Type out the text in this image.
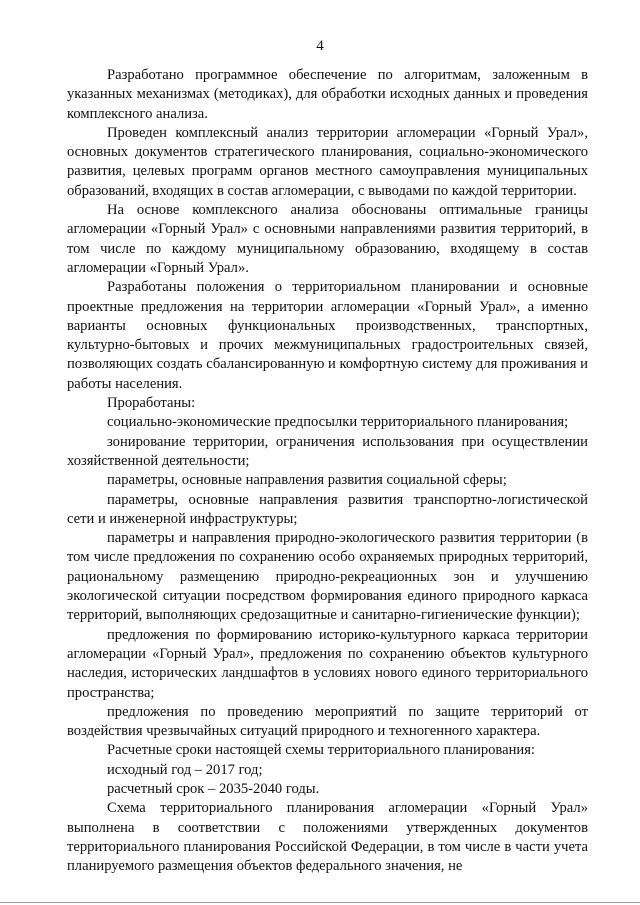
4

Разработано программное обеспечение по алгоритмам, заложенным в указанных механизмах (методиках), для обработки исходных данных и проведения комплексного анализа.

Проведен комплексный анализ территории агломерации «Горный Урал», основных документов стратегического планирования, социально-экономического развития, целевых программ органов местного самоуправления муниципальных образований, входящих в состав агломерации, с выводами по каждой территории.

На основе комплексного анализа обоснованы оптимальные границы агломерации «Горный Урал» с основными направлениями развития территорий, в том числе по каждому муниципальному образованию, входящему в состав агломерации «Горный Урал».

Разработаны положения о территориальном планировании и основные проектные предложения на территории агломерации «Горный Урал», а именно варианты основных функциональных производственных, транспортных, культурно-бытовых и прочих межмуниципальных градостроительных связей, позволяющих создать сбалансированную и комфортную систему для проживания и работы населения.

Проработаны:

социально-экономические предпосылки территориального планирования;

зонирование территории, ограничения использования при осуществлении хозяйственной деятельности;

параметры, основные направления развития социальной сферы;

параметры, основные направления развития транспортно-логистической сети и инженерной инфраструктуры;

параметры и направления природно-экологического развития территории (в том числе предложения по сохранению особо охраняемых природных территорий, рациональному размещению природно-рекреационных зон и улучшению экологической ситуации посредством формирования единого природного каркаса территорий, выполняющих средозащитные и санитарно-гигиенические функции);

предложения по формированию историко-культурного каркаса территории агломерации «Горный Урал», предложения по сохранению объектов культурного наследия, исторических ландшафтов в условиях нового единого территориального пространства;

предложения по проведению мероприятий по защите территорий от воздействия чрезвычайных ситуаций природного и техногенного характера.

Расчетные сроки настоящей схемы территориального планирования:

исходный год – 2017 год;

расчетный срок – 2035-2040 годы.

Схема территориального планирования агломерации «Горный Урал» выполнена в соответствии с положениями утвержденных документов территориального планирования Российской Федерации, в том числе в части учета планируемого размещения объектов федерального значения, не
